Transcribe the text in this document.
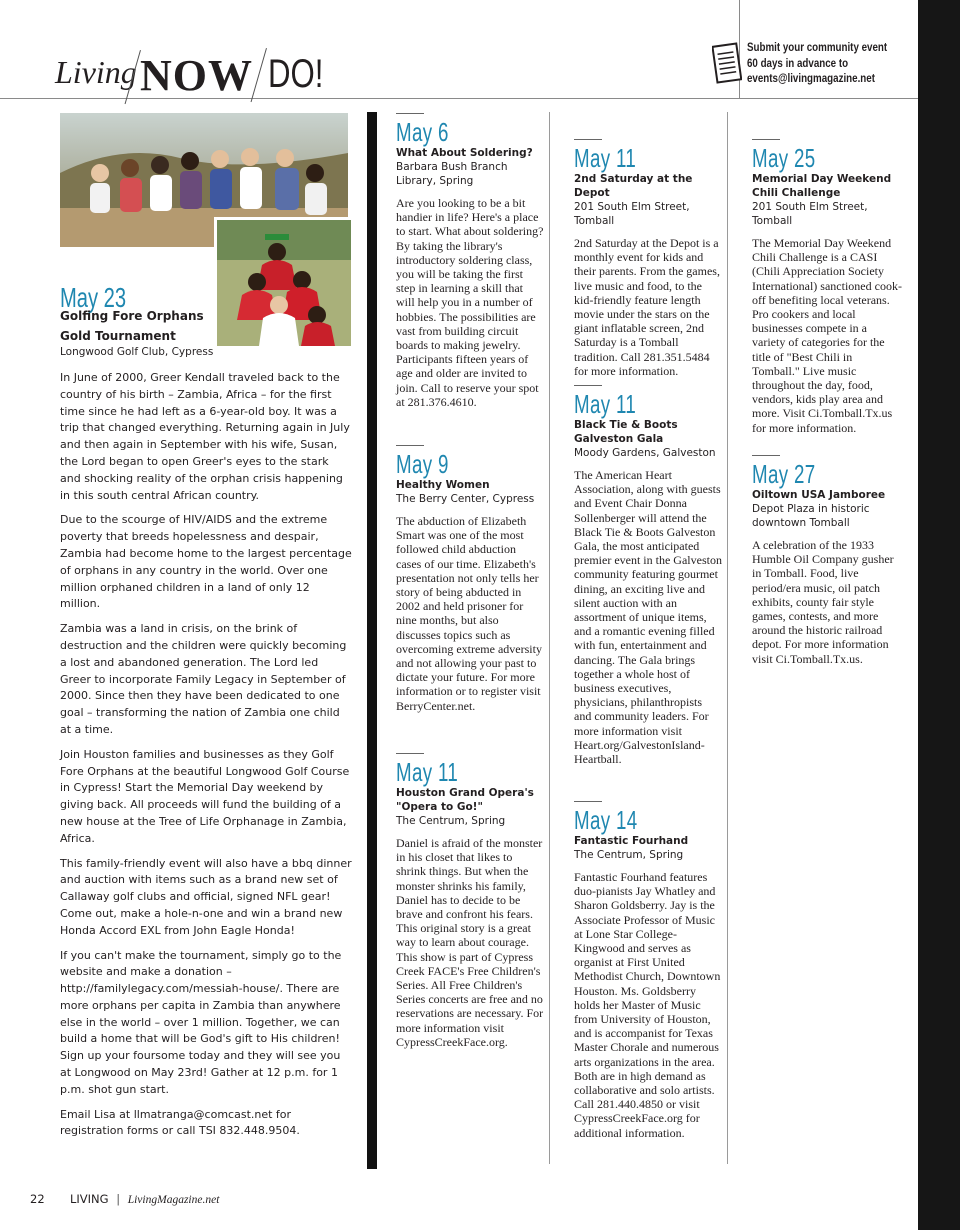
Living NOW DO!
Submit your community event
60 days in advance to
events@livingmagazine.net
May 23
Golfing Fore Orphans
Gold Tournament
Longwood Golf Club, Cypress

In June of 2000, Greer Kendall traveled back to the country of his birth – Zambia, Africa – for the first time since he had left as a 6-year-old boy. It was a trip that changed everything. Returning again in July and then again in September with his wife, Susan, the Lord began to open Greer's eyes to the stark and shocking reality of the orphan crisis happening in this south central African country.

Due to the scourge of HIV/AIDS and the extreme poverty that breeds hopelessness and despair, Zambia had become home to the largest percentage of orphans in any country in the world. Over one million orphaned children in a land of only 12 million.

Zambia was a land in crisis, on the brink of destruction and the children were quickly becoming a lost and abandoned generation. The Lord led Greer to incorporate Family Legacy in September of 2000. Since then they have been dedicated to one goal – transforming the nation of Zambia one child at a time.

Join Houston families and businesses as they Golf Fore Orphans at the beautiful Longwood Golf Course in Cypress! Start the Memorial Day weekend by giving back. All proceeds will fund the building of a new house at the Tree of Life Orphanage in Zambia, Africa.

This family-friendly event will also have a bbq dinner and auction with items such as a brand new set of Callaway golf clubs and official, signed NFL gear! Come out, make a hole-n-one and win a brand new Honda Accord EXL from John Eagle Honda!

If you can't make the tournament, simply go to the website and make a donation – http://familylegacy.com/messiah-house/. There are more orphans per capita in Zambia than anywhere else in the world – over 1 million. Together, we can build a home that will be God's gift to His children! Sign up your foursome today and they will see you at Longwood on May 23rd! Gather at 12 p.m. for 1 p.m. shot gun start.

Email Lisa at llmatranga@comcast.net for registration forms or call TSI 832.448.9504.

May 6
What About Soldering?
Barbara Bush Branch Library, Spring
Are you looking to be a bit handier in life? Here's a place to start. What about soldering? By taking the library's introductory soldering class, you will be taking the first step in learning a skill that will help you in a number of hobbies. The possibilities are vast from building circuit boards to making jewelry. Participants fifteen years of age and older are invited to join. Call to reserve your spot at 281.376.4610.
May 9
Healthy Women
The Berry Center, Cypress
The abduction of Elizabeth Smart was one of the most followed child abduction cases of our time. Elizabeth's presentation not only tells her story of being abducted in 2002 and held prisoner for nine months, but also discusses topics such as overcoming extreme adversity and not allowing your past to dictate your future. For more information or to register visit BerryCenter.net.
May 11
Houston Grand Opera's "Opera to Go!"
The Centrum, Spring
Daniel is afraid of the monster in his closet that likes to shrink things. But when the monster shrinks his family, Daniel has to decide to be brave and confront his fears. This original story is a great way to learn about courage. This show is part of Cypress Creek FACE's Free Children's Series. All Free Children's Series concerts are free and no reservations are necessary. For more information visit CypressCreekFace.org.
May 11
2nd Saturday at the Depot
201 South Elm Street, Tomball
2nd Saturday at the Depot is a monthly event for kids and their parents. From the games, live music and food, to the kid-friendly feature length movie under the stars on the giant inflatable screen, 2nd Saturday is a Tomball tradition. Call 281.351.5484 for more information.
May 11
Black Tie & Boots Galveston Gala
Moody Gardens, Galveston
The American Heart Association, along with guests and Event Chair Donna Sollenberger will attend the Black Tie & Boots Galveston Gala, the most anticipated premier event in the Galveston community featuring gourmet dining, an exciting live and silent auction with an assortment of unique items, and a romantic evening filled with fun, entertainment and dancing. The Gala brings together a whole host of business executives, physicians, philanthropists and community leaders. For more information visit Heart.org/GalvestonIsland-Heartball.
May 14
Fantastic Fourhand
The Centrum, Spring
Fantastic Fourhand features duo-pianists Jay Whatley and Sharon Goldsberry. Jay is the Associate Professor of Music at Lone Star College-Kingwood and serves as organist at First United Methodist Church, Downtown Houston. Ms. Goldsberry holds her Master of Music from University of Houston, and is accompanist for Texas Master Chorale and numerous arts organizations in the area. Both are in high demand as collaborative and solo artists. Call 281.440.4850 or visit CypressCreekFace.org for additional information.
May 25
Memorial Day Weekend Chili Challenge
201 South Elm Street, Tomball
The Memorial Day Weekend Chili Challenge is a CASI (Chili Appreciation Society International) sanctioned cook-off benefiting local veterans. Pro cookers and local businesses compete in a variety of categories for the title of "Best Chili in Tomball." Live music throughout the day, food, vendors, kids play area and more. Visit Ci.Tomball.Tx.us for more information.
May 27
Oiltown USA Jamboree
Depot Plaza in historic downtown Tomball
A celebration of the 1933 Humble Oil Company gusher in Tomball. Food, live period/era music, oil patch exhibits, county fair style games, contests, and more around the historic railroad depot. For more information visit Ci.Tomball.Tx.us.
22 LIVING | LivingMagazine.net
